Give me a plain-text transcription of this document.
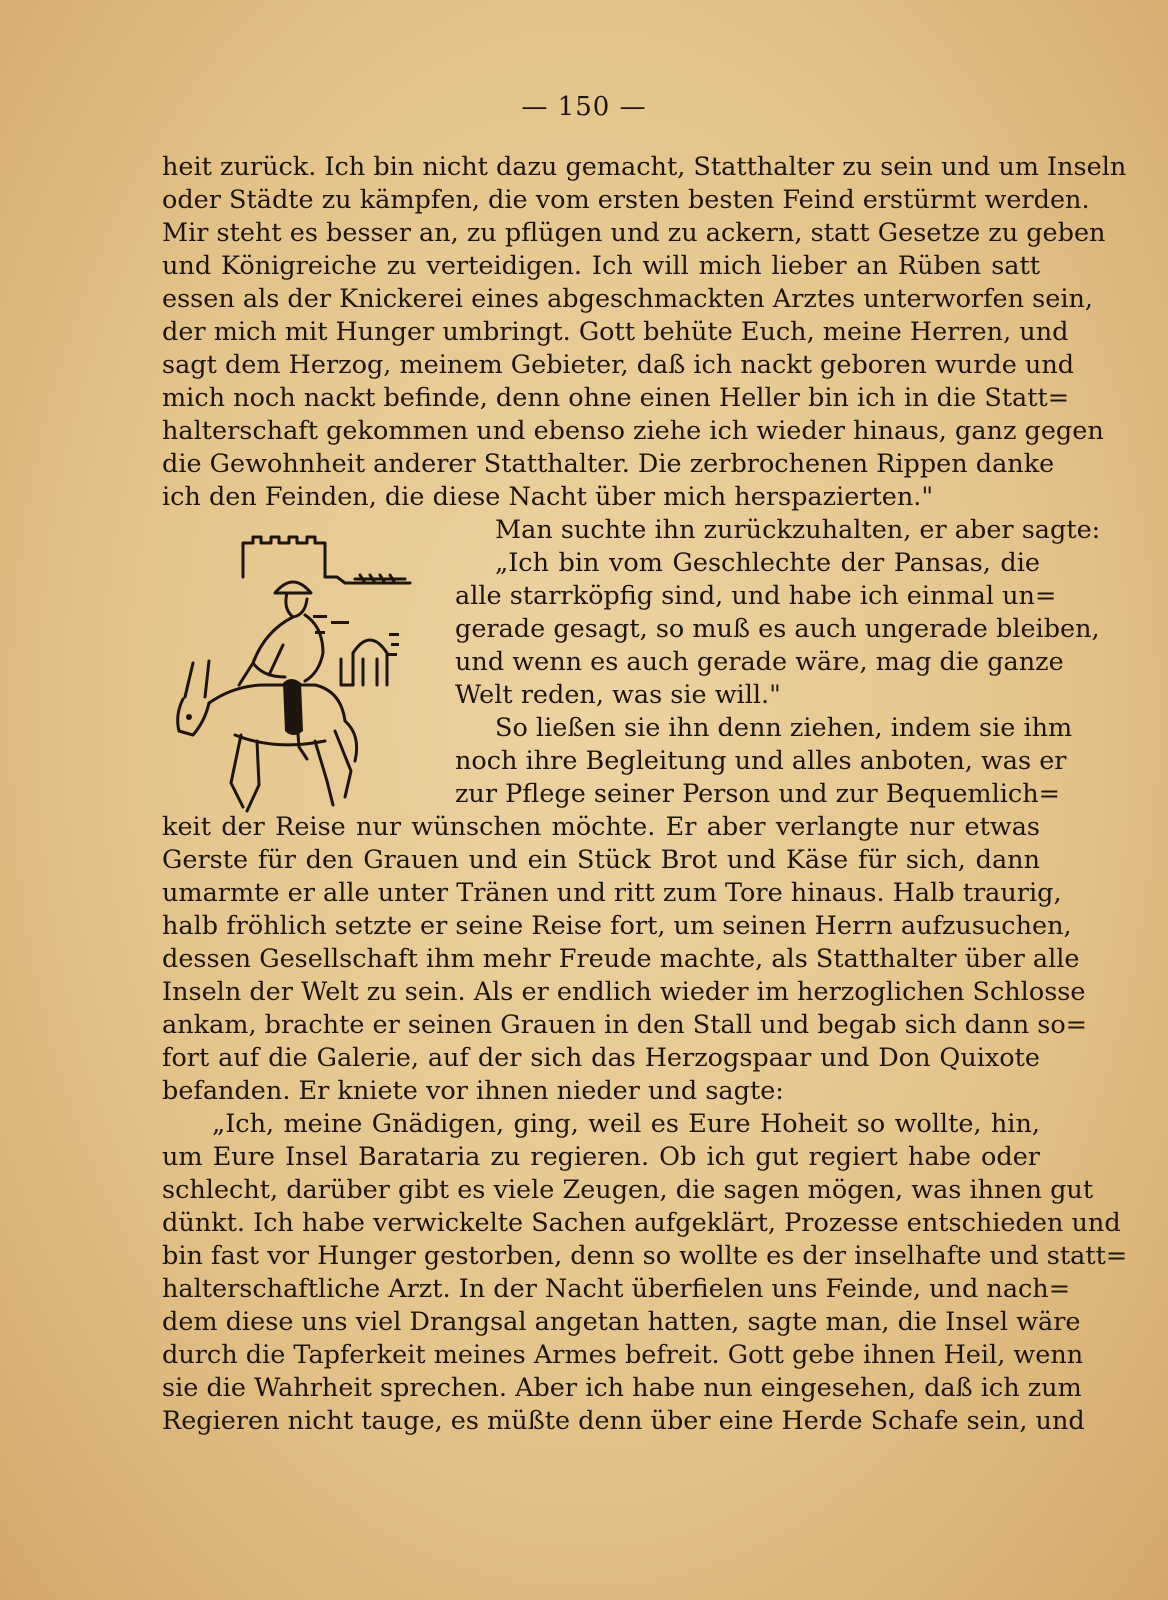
— 150 —
heit zurück. Ich bin nicht dazu gemacht, Statthalter zu sein und um Inseln
oder Städte zu kämpfen, die vom ersten besten Feind erstürmt werden.
Mir steht es besser an, zu pflügen und zu ackern, statt Gesetze zu geben
und Königreiche zu verteidigen. Ich will mich lieber an Rüben satt
essen als der Knickerei eines abgeschmackten Arztes unterworfen sein,
der mich mit Hunger umbringt. Gott behüte Euch, meine Herren, und
sagt dem Herzog, meinem Gebieter, daß ich nackt geboren wurde und
mich noch nackt befinde, denn ohne einen Heller bin ich in die Statt=
halterschaft gekommen und ebenso ziehe ich wieder hinaus, ganz gegen
die Gewohnheit anderer Statthalter. Die zerbrochenen Rippen danke
ich den Feinden, die diese Nacht über mich herspazierten."
Man suchte ihn zurückzuhalten, er aber sagte:
„Ich bin vom Geschlechte der Pansas, die
alle starrköpfig sind, und habe ich einmal un=
gerade gesagt, so muß es auch ungerade bleiben,
und wenn es auch gerade wäre, mag die ganze
Welt reden, was sie will."
So ließen sie ihn denn ziehen, indem sie ihm
noch ihre Begleitung und alles anboten, was er
zur Pflege seiner Person und zur Bequemlich=
keit der Reise nur wünschen möchte. Er aber verlangte nur etwas
Gerste für den Grauen und ein Stück Brot und Käse für sich, dann
umarmte er alle unter Tränen und ritt zum Tore hinaus. Halb traurig,
halb fröhlich setzte er seine Reise fort, um seinen Herrn aufzusuchen,
dessen Gesellschaft ihm mehr Freude machte, als Statthalter über alle
Inseln der Welt zu sein. Als er endlich wieder im herzoglichen Schlosse
ankam, brachte er seinen Grauen in den Stall und begab sich dann so=
fort auf die Galerie, auf der sich das Herzogspaar und Don Quixote
befanden. Er kniete vor ihnen nieder und sagte:
„Ich, meine Gnädigen, ging, weil es Eure Hoheit so wollte, hin,
um Eure Insel Barataria zu regieren. Ob ich gut regiert habe oder
schlecht, darüber gibt es viele Zeugen, die sagen mögen, was ihnen gut
dünkt. Ich habe verwickelte Sachen aufgeklärt, Prozesse entschieden und
bin fast vor Hunger gestorben, denn so wollte es der inselhafte und statt=
halterschaftliche Arzt. In der Nacht überfielen uns Feinde, und nach=
dem diese uns viel Drangsal angetan hatten, sagte man, die Insel wäre
durch die Tapferkeit meines Armes befreit. Gott gebe ihnen Heil, wenn
sie die Wahrheit sprechen. Aber ich habe nun eingesehen, daß ich zum
Regieren nicht tauge, es müßte denn über eine Herde Schafe sein, und
